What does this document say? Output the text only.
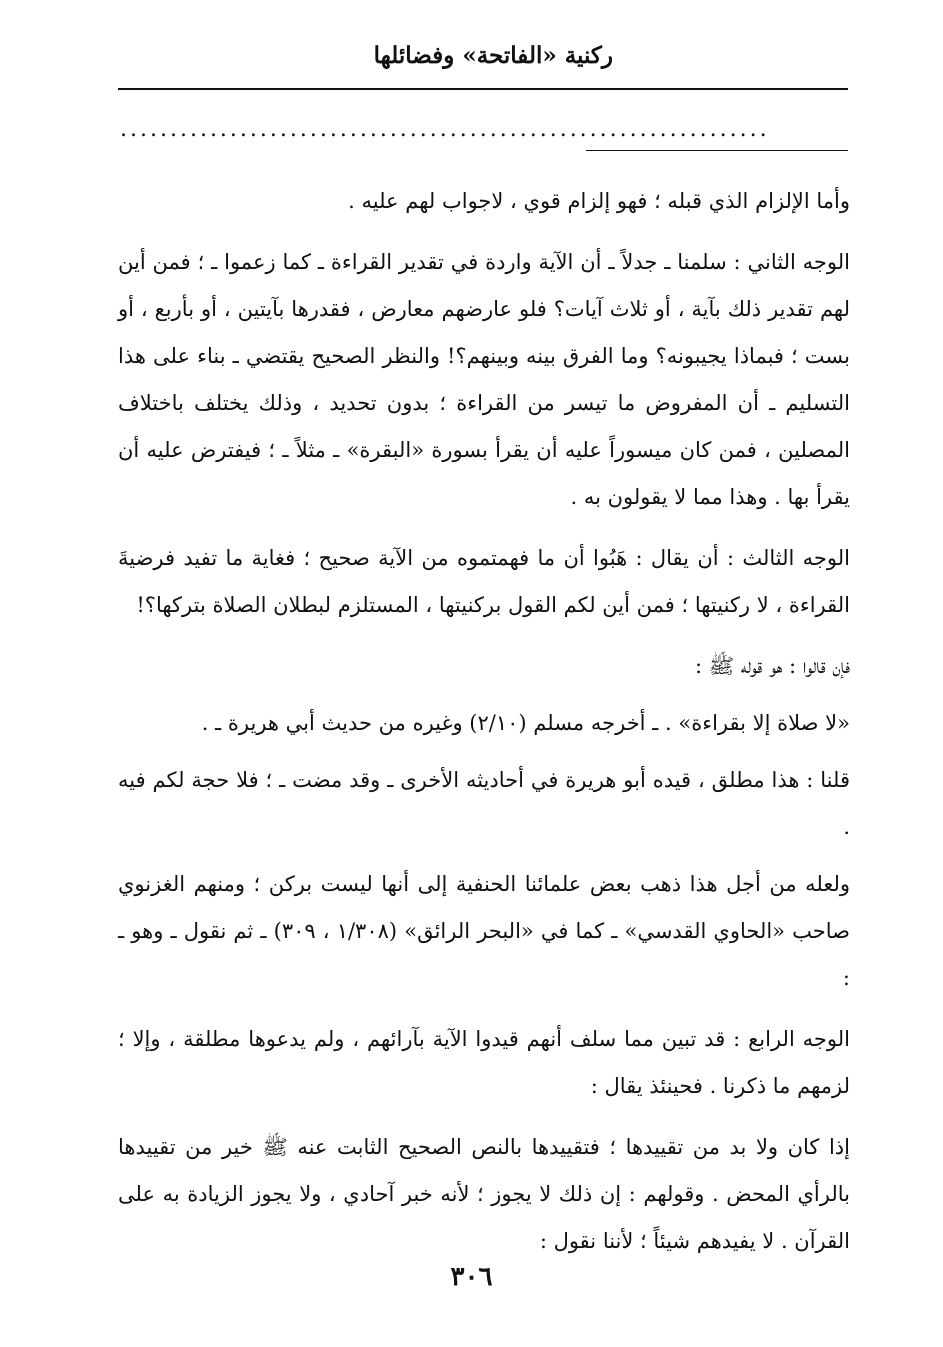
ركنية «الفاتحة» وفضائلها
.................................................................

وأما الإلزام الذي قبله ؛ فهو إلزام قوي ، لاجواب لهم عليه .

الوجه الثاني : سلمنا ـ جدلاً ـ أن الآية واردة في تقدير القراءة ـ كما زعموا ـ ؛ فمن أين لهم تقدير ذلك بآية ، أو ثلاث آيات؟ فلو عارضهم معارض ، فقدرها بآيتين ، أو بأربع ، أو بست ؛ فبماذا يجيبونه؟ وما الفرق بينه وبينهم؟! والنظر الصحيح يقتضي ـ بناء على هذا التسليم ـ أن المفروض ما تيسر من القراءة ؛ بدون تحديد ، وذلك يختلف باختلاف المصلين ، فمن كان ميسوراً عليه أن يقرأ بسورة «البقرة» ـ مثلاً ـ ؛ فيفترض عليه أن يقرأ بها . وهذا مما لا يقولون به .

الوجه الثالث : أن يقال : هَبُوا أن ما فهمتموه من الآية صحيح ؛ فغاية ما تفيد فرضيةَ القراءة ، لا ركنيتها ؛ فمن أين لكم القول بركنيتها ، المستلزم لبطلان الصلاة بتركها؟!

فإن قالوا : هو قوله ﷺ :

«لا صلاة إلا بقراءة» . ـ أخرجه مسلم (٢/١٠) وغيره من حديث أبي هريرة ـ .

قلنا : هذا مطلق ، قيده أبو هريرة في أحاديثه الأخرى ـ وقد مضت ـ ؛ فلا حجة لكم فيه .

ولعله من أجل هذا ذهب بعض علمائنا الحنفية إلى أنها ليست بركن ؛ ومنهم الغزنوي صاحب «الحاوي القدسي» ـ كما في «البحر الرائق» (١/٣٠٨ ، ٣٠٩) ـ ثم نقول ـ وهو ـ :

الوجه الرابع : قد تبين مما سلف أنهم قيدوا الآية بآرائهم ، ولم يدعوها مطلقة ، وإلا ؛ لزمهم ما ذكرنا . فحينئذ يقال :

إذا كان ولا بد من تقييدها ؛ فتقييدها بالنص الصحيح الثابت عنه ﷺ خير من تقييدها بالرأي المحض . وقولهم : إن ذلك لا يجوز ؛ لأنه خبر آحادي ، ولا يجوز الزيادة به على القرآن . لا يفيدهم شيئاً ؛ لأننا نقول :

٣٠٦
